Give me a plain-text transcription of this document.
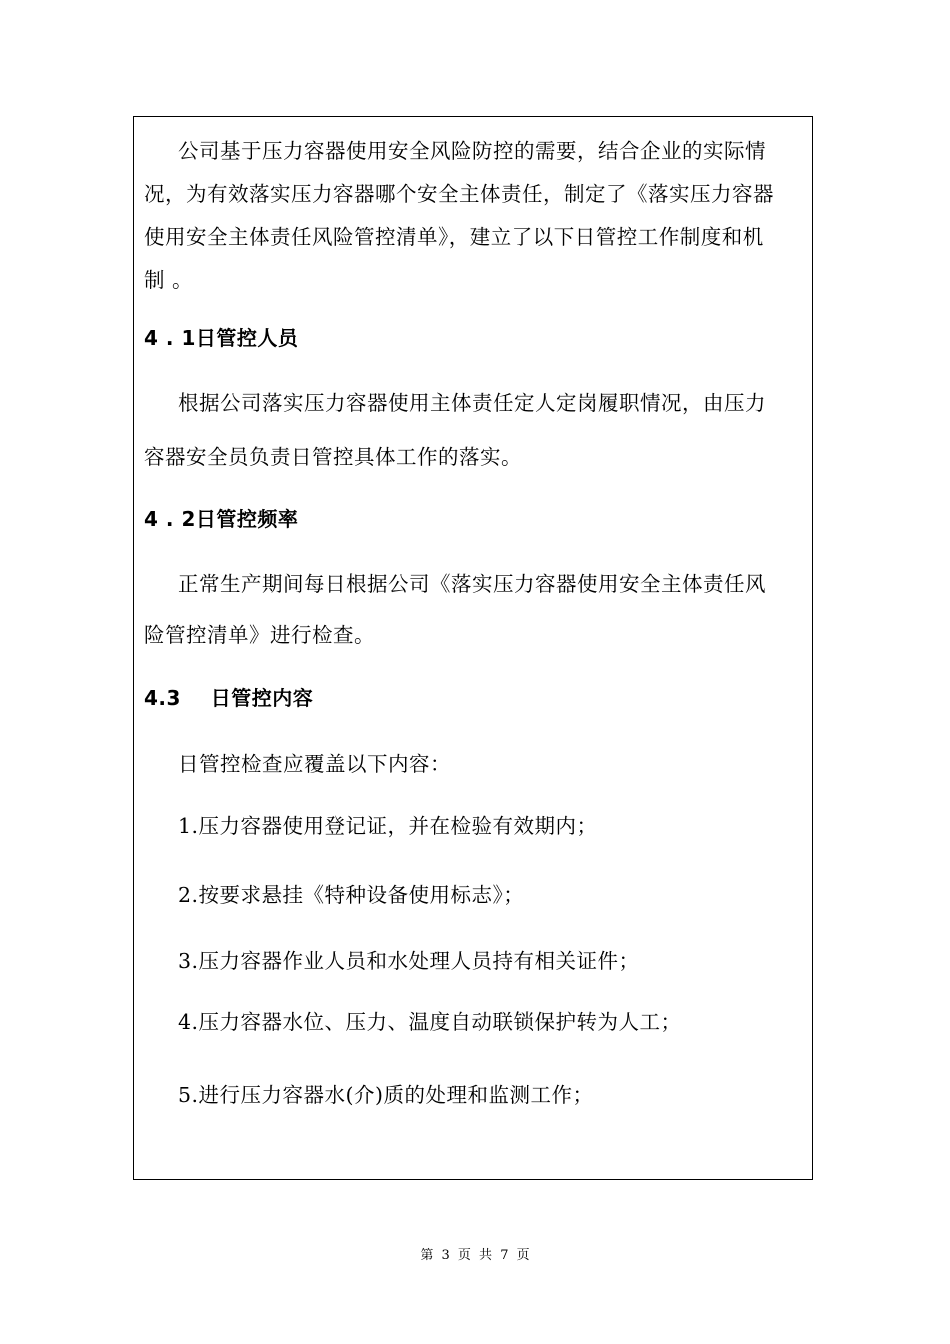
公司基于压力容器使用安全风险防控的需要，结合企业的实际情
况，为有效落实压力容器哪个安全主体责任，制定了《落实压力容器
使用安全主体责任风险管控清单》，建立了以下日管控工作制度和机
制 。
4 . 1日管控人员
根据公司落实压力容器使用主体责任定人定岗履职情况，由压力
容器安全员负责日管控具体工作的落实。
4 . 2日管控频率
正常生产期间每日根据公司《落实压力容器使用安全主体责任风
险管控清单》进行检查。
4.3    日管控内容
日管控检查应覆盖以下内容：
1.压力容器使用登记证，并在检验有效期内；
2.按要求悬挂《特种设备使用标志》；
3.压力容器作业人员和水处理人员持有相关证件；
4.压力容器水位、压力、温度自动联锁保护转为人工；
5.进行压力容器水(介)质的处理和监测工作；
第 3 页 共 7 页
